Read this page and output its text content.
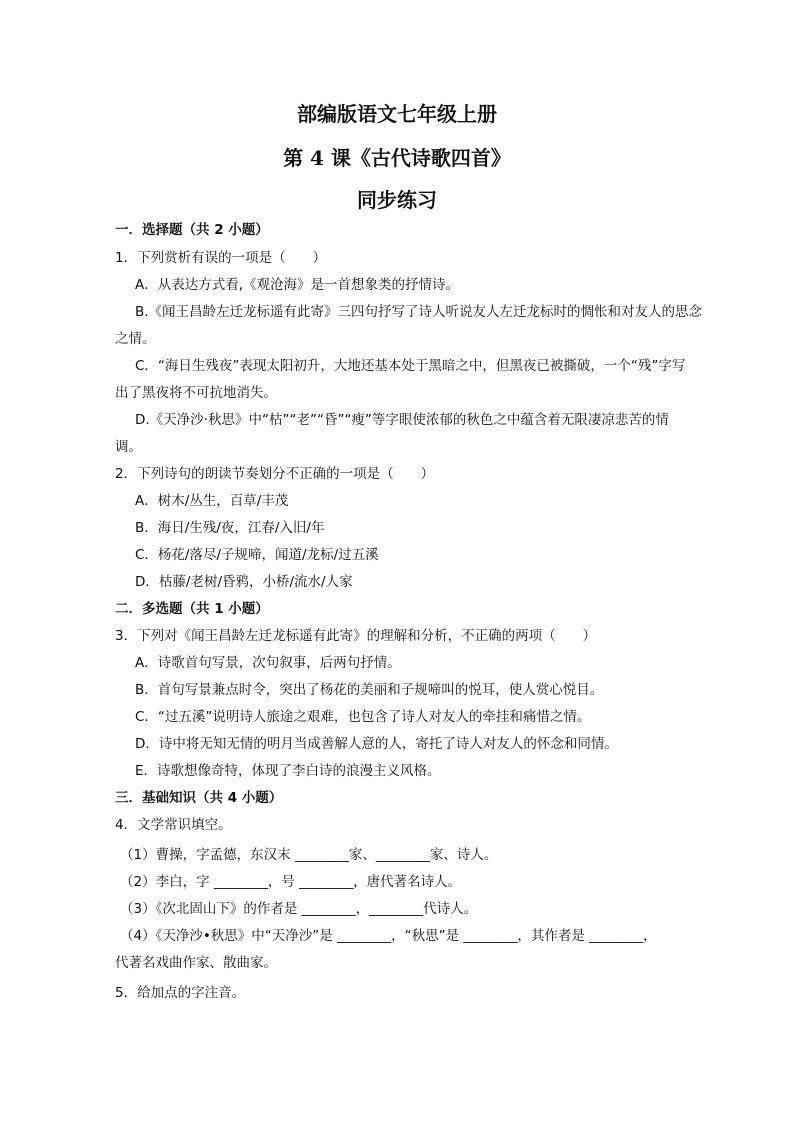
部编版语文七年级上册
第 4 课《古代诗歌四首》
同步练习
一．选择题（共 2 小题）
1．下列赏析有误的一项是（　　）
A．从表达方式看,《观沧海》是一首想象类的抒情诗。
B.《闻王昌龄左迁龙标遥有此寄》三四句抒写了诗人听说友人左迁龙标时的惆怅和对友人的思念
之情。
C．“海日生残夜”表现太阳初升，大地还基本处于黑暗之中，但黑夜已被撕破，一个“残”字写
出了黑夜将不可抗地消失。
D.《天净沙·秋思》中“枯”“老”“昏”“瘦”等字眼使浓郁的秋色之中蕴含着无限凄凉悲苦的情
调。
2．下列诗句的朗读节奏划分不正确的一项是（　　）
A．树木/丛生，百草/丰茂
B．海日/生残/夜，江春/入旧/年
C．杨花/落尽/子规啼，闻道/龙标/过五溪
D．枯藤/老树/昏鸦，小桥/流水/人家
二．多选题（共 1 小题）
3．下列对《闻王昌龄左迁龙标遥有此寄》的理解和分析，不正确的两项（　　）
A．诗歌首句写景，次句叙事，后两句抒情。
B．首句写景兼点时令，突出了杨花的美丽和子规啼叫的悦耳，使人赏心悦目。
C．“过五溪”说明诗人旅途之艰难，也包含了诗人对友人的牵挂和痛惜之情。
D．诗中将无知无情的明月当成善解人意的人，寄托了诗人对友人的怀念和同情。
E．诗歌想像奇特，体现了李白诗的浪漫主义风格。
三．基础知识（共 4 小题）
4．文学常识填空。
（1）曹操，字孟德，东汉末 ________家、________家、诗人。
（2）李白，字 ________，号 ________，唐代著名诗人。
（3）《次北固山下》的作者是 ________，________代诗人。
（4）《天净沙•秋思》中“天净沙”是 ________，“秋思”是 ________，其作者是 ________，
代著名戏曲作家、散曲家。
5．给加点的字注音。
